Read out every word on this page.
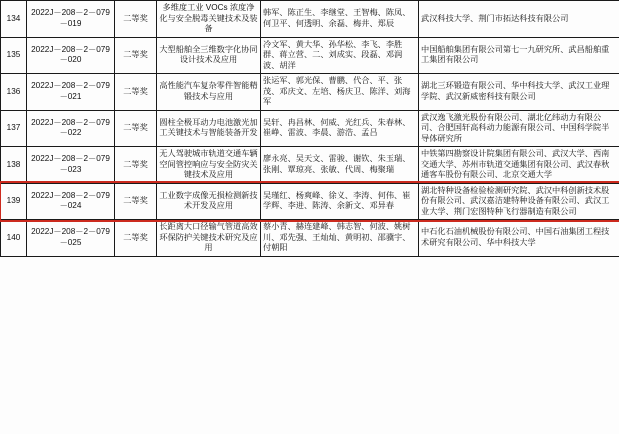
134	2022J－208－2－079－019	二等奖	多维度工业 VOCs 浓度净化与安全脱毒关键技术及装备	韩军、陈正生、李继堂、王智梅、陈凤、何卫平、何透明、余磊、梅井、郑辰	武汉科技大学、荆门市拓达科技有限公司

135	2022J－208－2－079－020	二等奖	大型船舶全三维数字化协同设计技术及应用	冷文军、黄大华、孙华松、李飞、李胜群、蒋立营、二、刘成实、段磊、邓润波、胡洋	中国船舶集团有限公司第七一九研究所、武昌船舶重工集团有限公司

136	2022J－208－2－079－021	二等奖	高性能汽车复杂零件智能精锻技术与应用	张运军、郭光保、曹鹏、代合、平、张茂、邓庆文、左培、杨庆卫、陈洋、刘海军	湖北三环锻造有限公司、华中科技大学、武汉工业理学院、武汉新威密科技有限公司

137	2022J－208－2－079－022	二等奖	圆柱全极耳动力电池激光加工关键技术与智能装备开发	吴轩、冉昌林、何威、光红兵、朱春林、崔峥、雷波、李晨、游浩、孟吕	武汉逸飞激光股份有限公司、湖北亿纬动力有限公司、合肥国轩高科动力能源有限公司、中国科学院半导体研究所

138	2022J－208－2－079－023	二等奖	无人驾驶城市轨道交通车辆空间管控响应与安全防灾关键技术及应用	廖永亮、吴天文、雷骏、谢钦、朱玉瑞、张刚、覃琼亮、张敏、代周、梅聚瑞	中铁第四勘察设计院集团有限公司、武汉大学、西南交通大学、苏州市轨道交通集团有限公司、武汉春秋通客车股份有限公司、北京交通大学

139	2022J－208－2－079－024	二等奖	工业数字成像无损检测新技术开发及应用	吴瑾红、杨爽峰、徐义、李涛、何伟、崔学辉、李进、陈涛、余新文、邓异春	湖北特种设备检验检测研究院、武汉中科创新技术股份有限公司、武汉嘉洁建特种设备有限公司、武汉工业大学、荆门宏图特种飞行器制造有限公司

140	2022J－208－2－079－025	二等奖	长距离大口径输气管道高效环保防护关键技术研究及应用	蔡小青、赫连建峰、韩志智、何波、姚树川、邓先强、王灿灿、黄明初、邵骥宇、付朝阳	中石化石油机械股份有限公司、中国石油集团工程技术研究有限公司、华中科技大学
